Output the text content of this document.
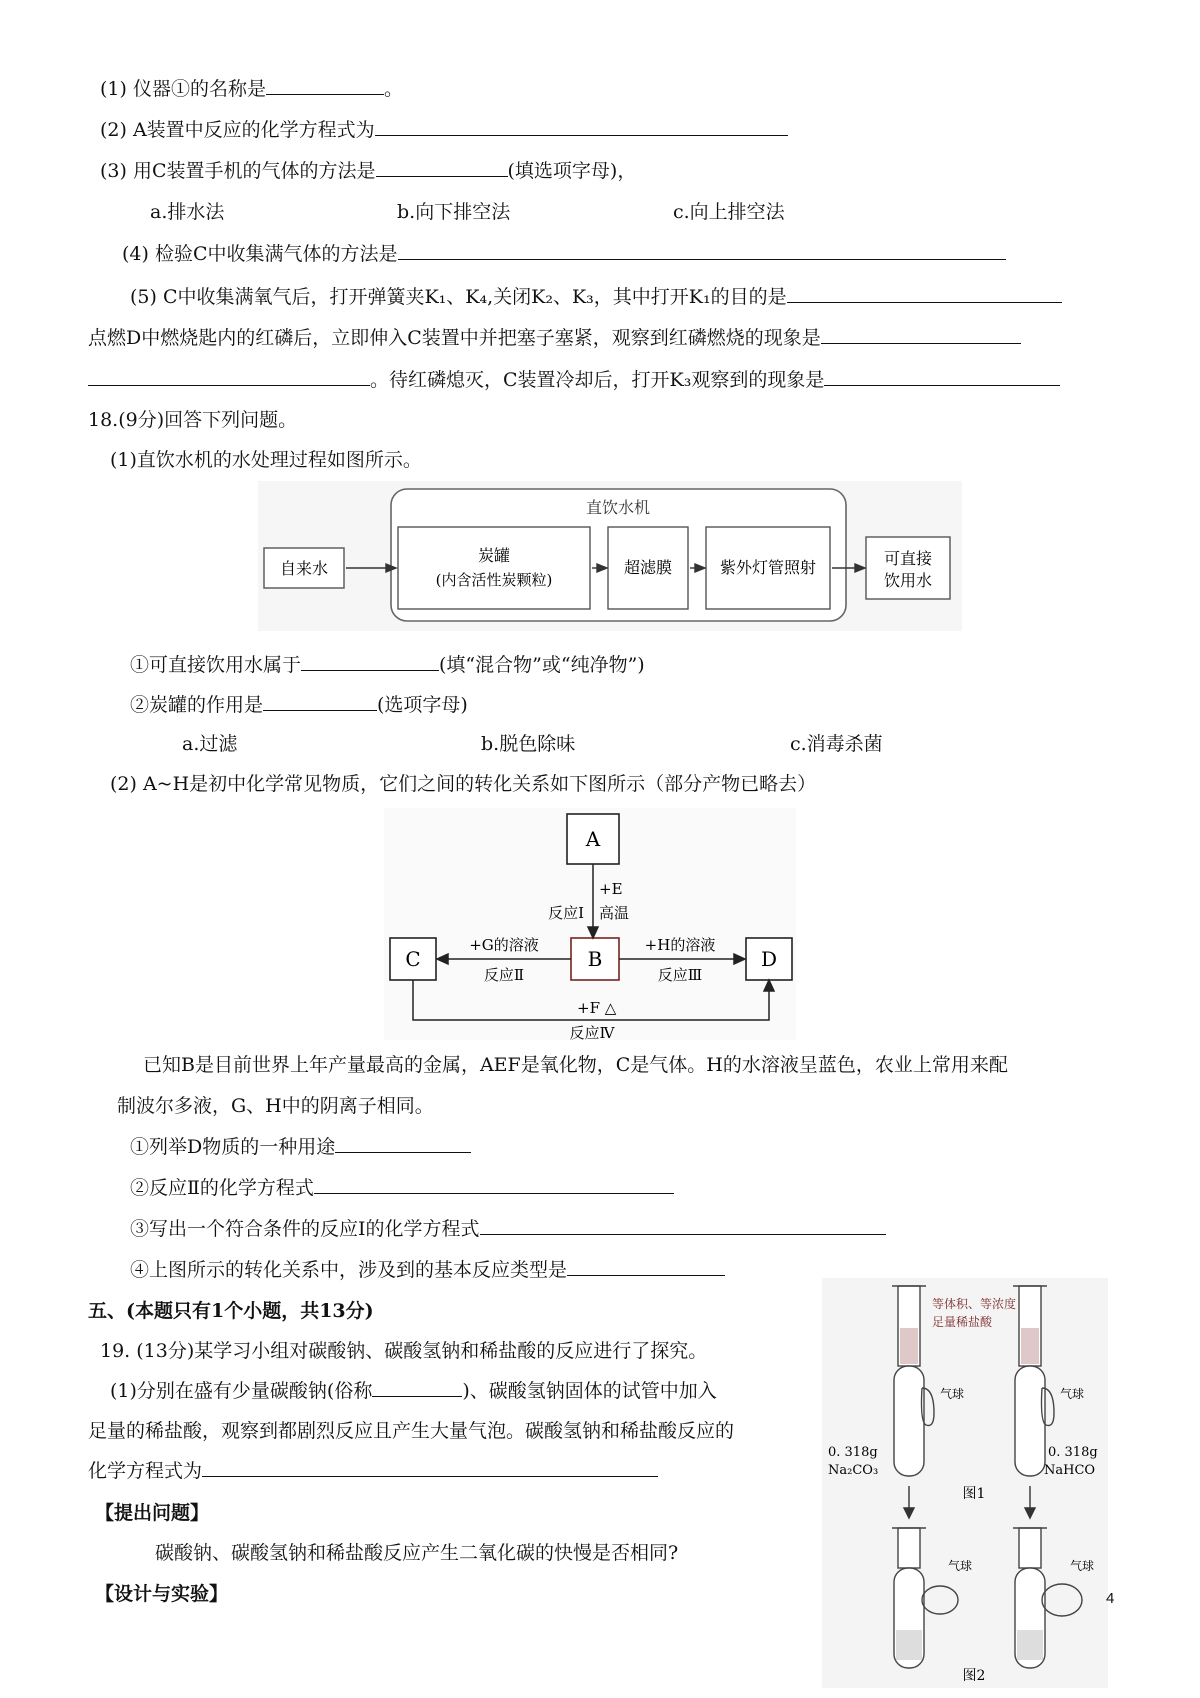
(1) 仪器①的名称是	。
(2) A装置中反应的化学方程式为
(3) 用C装置手机的气体的方法是	(填选项字母)，
a.排水法	b.向下排空法	c.向上排空法
(4) 检验C中收集满气体的方法是
(5) C中收集满氧气后，打开弹簧夹K₁、K₄,关闭K₂、K₃，其中打开K₁的目的是
点燃D中燃烧匙内的红磷后，立即伸入C装置中并把塞子塞紧，观察到红磷燃烧的现象是
。待红磷熄灭，C装置冷却后，打开K₃观察到的现象是
18.(9分)回答下列问题。
(1)直饮水机的水处理过程如图所示。
直饮水机
自来水
炭罐
(内含活性炭颗粒)
超滤膜	紫外灯管照射	可直接
饮用水
①可直接饮用水属于	(填“混合物”或“纯净物”)
②炭罐的作用是	(选项字母)
a.过滤	b.脱色除味	c.消毒杀菌
(2) A~H是初中化学常见物质，它们之间的转化关系如下图所示（部分产物已略去）
A
B
C	D
+E
高温
反应Ⅰ
+G的溶液
反应Ⅱ
+H的溶液
反应Ⅲ
+F △
反应Ⅳ
已知B是目前世界上年产量最高的金属，AEF是氧化物，C是气体。H的水溶液呈蓝色，农业上常用来配
制波尔多液，G、H中的阴离子相同。
①列举D物质的一种用途
②反应Ⅱ的化学方程式
③写出一个符合条件的反应Ⅰ的化学方程式
④上图所示的转化关系中，涉及到的基本反应类型是
五、(本题只有1个小题，共13分)
19. (13分)某学习小组对碳酸钠、碳酸氢钠和稀盐酸的反应进行了探究。
(1)分别在盛有少量碳酸钠(俗称	)、碳酸氢钠固体的试管中加入
足量的稀盐酸，观察到都剧烈反应且产生大量气泡。碳酸氢钠和稀盐酸反应的
化学方程式为
【提出问题】
碳酸钠、碳酸氢钠和稀盐酸反应产生二氧化碳的快慢是否相同?
【设计与实验】
等体积、等浓度
足量稀盐酸
气球	气球
0. 318g
Na₂CO₃
0. 318g
NaHCO
图1
气球	气球
图2
4
